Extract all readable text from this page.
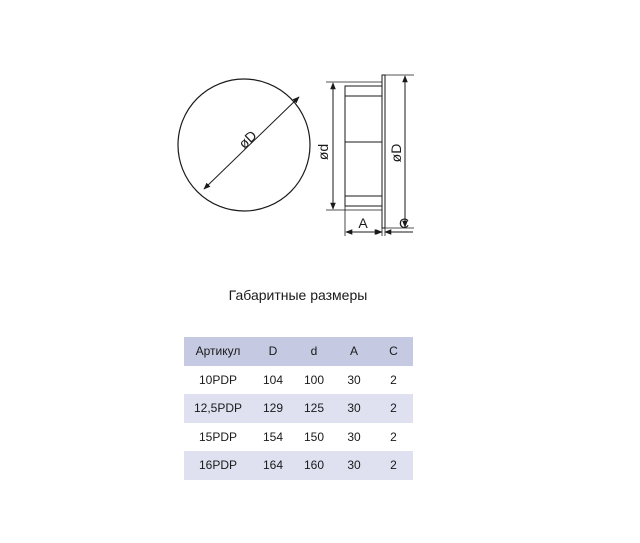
øD
ød	øD
A C
Габаритные размеры
Артикул	D	d	A	C
10PDP	104	100	30	2
12,5PDP	129	125	30	2
15PDP	154	150	30	2
16PDP	164	160	30	2
